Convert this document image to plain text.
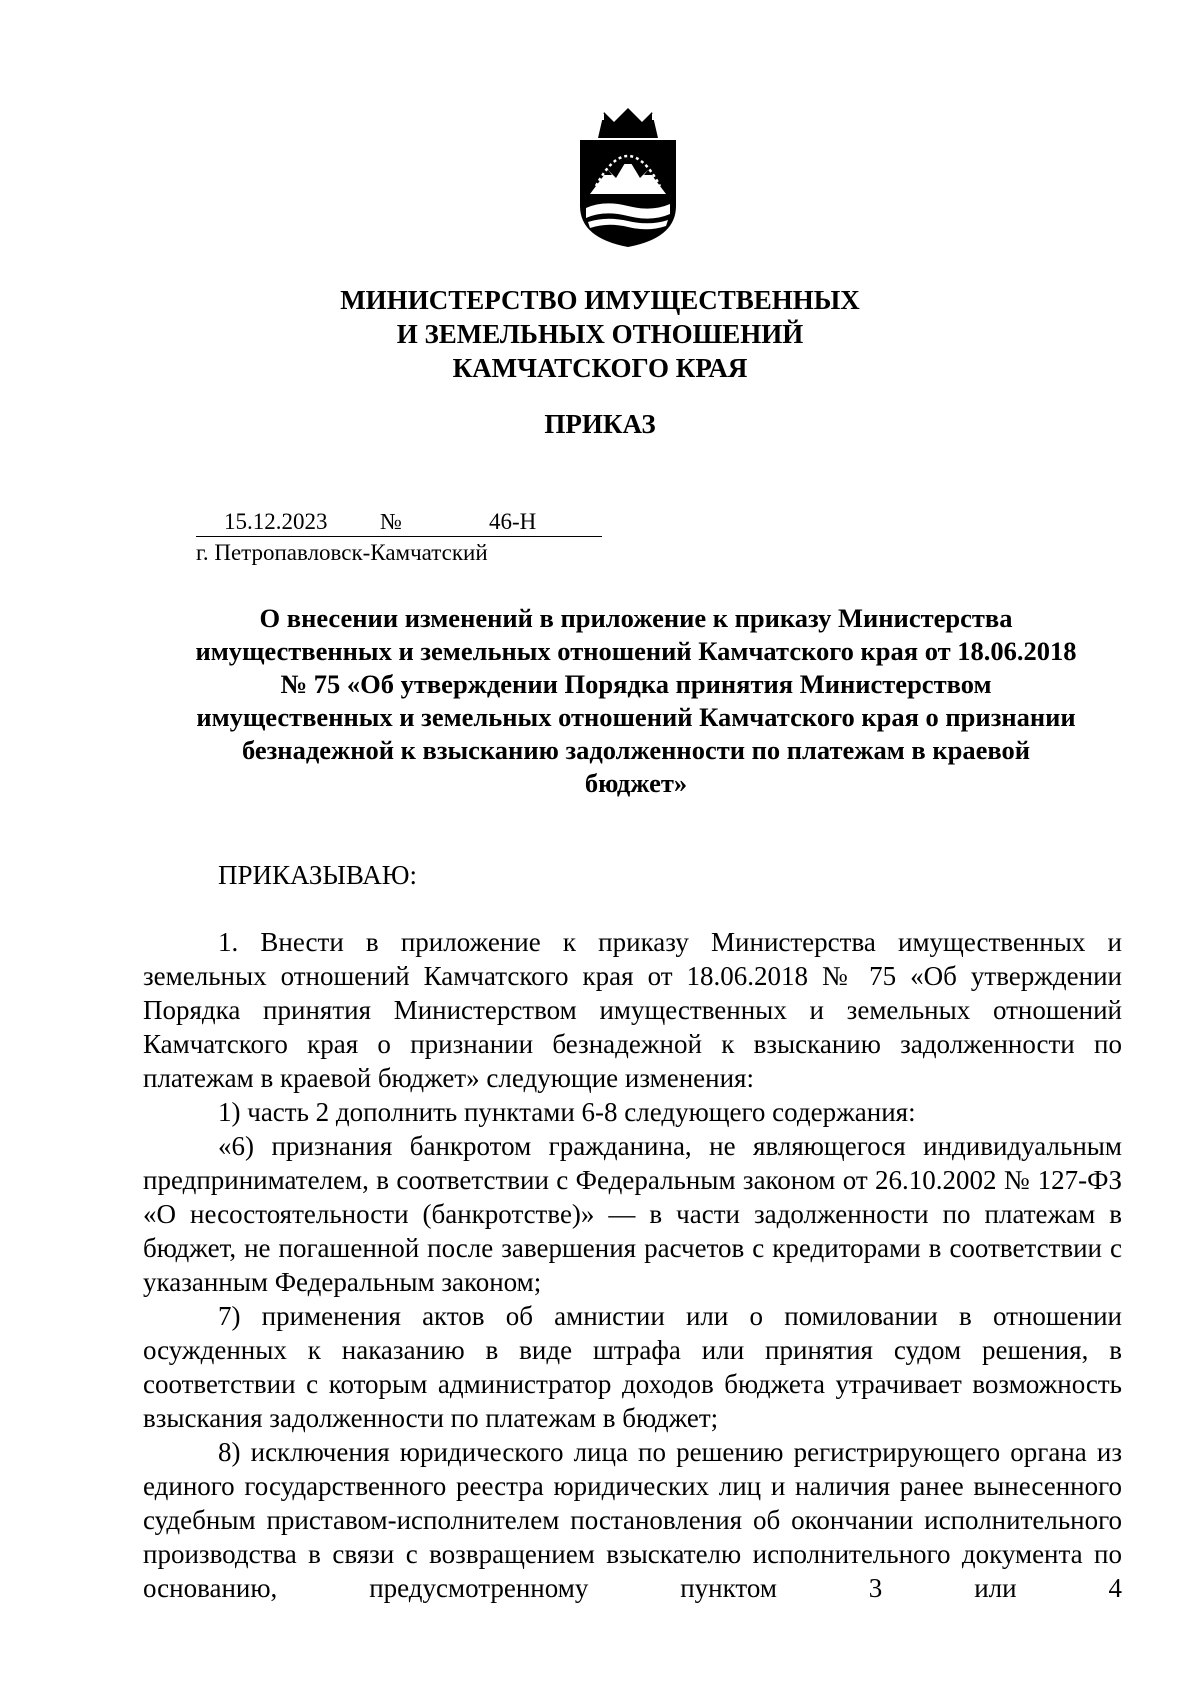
МИНИСТЕРСТВО ИМУЩЕСТВЕННЫХ
И ЗЕМЕЛЬНЫХ ОТНОШЕНИЙ
КАМЧАТСКОГО КРАЯ
ПРИКАЗ
15.12.2023 №	46-Н
г. Петропавловск-Камчатский
О внесении изменений в приложение к приказу Министерства
имущественных и земельных отношений Камчатского края от 18.06.2018
№ 75 «Об утверждении Порядка принятия Министерством
имущественных и земельных отношений Камчатского края о признании
безнадежной к взысканию задолженности по платежам в краевой
бюджет»
ПРИКАЗЫВАЮ:

1. Внести в приложение к приказу Министерства имущественных и земельных отношений Камчатского края от 18.06.2018 № 75 «Об утверждении Порядка принятия Министерством имущественных и земельных отношений Камчатского края о признании безнадежной к взысканию задолженности по платежам в краевой бюджет» следующие изменения:

1) часть 2 дополнить пунктами 6-8 следующего содержания:

«6) признания банкротом гражданина, не являющегося индивидуальным предпринимателем, в соответствии с Федеральным законом от 26.10.2002 № 127-ФЗ «О несостоятельности (банкротстве)» — в части задолженности по платежам в бюджет, не погашенной после завершения расчетов с кредиторами в соответствии с указанным Федеральным законом;

7) применения актов об амнистии или о помиловании в отношении осужденных к наказанию в виде штрафа или принятия судом решения, в соответствии с которым администратор доходов бюджета утрачивает возможность взыскания задолженности по платежам в бюджет;

8) исключения юридического лица по решению регистрирующего органа из единого государственного реестра юридических лиц и наличия ранее вынесенного судебным приставом-исполнителем постановления об окончании исполнительного производства в связи с возвращением взыскателю исполнительного документа по основанию, предусмотренному пунктом 3 или 4
